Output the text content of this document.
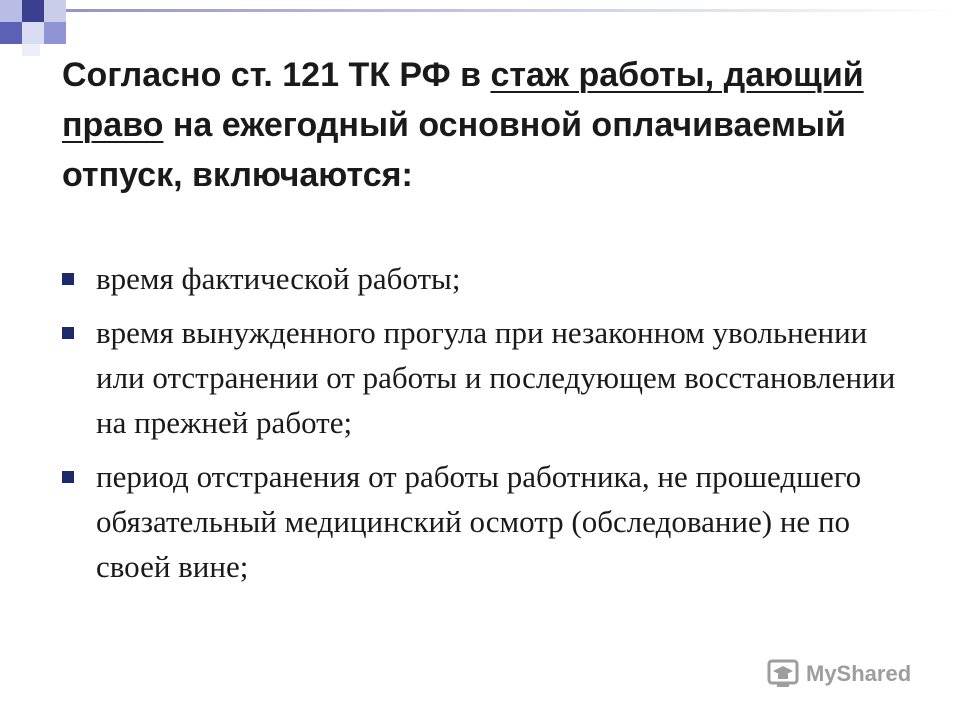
Согласно ст. 121 ТК РФ в стаж работы, дающий право на ежегодный основной оплачиваемый отпуск, включаются:
время фактической работы;
время вынужденного прогула при незаконном увольнении или отстранении от работы и последующем восстановлении на прежней работе;
период отстранения от работы работника, не прошедшего обязательный медицинский осмотр (обследование) не по своей вине;
MyShared
